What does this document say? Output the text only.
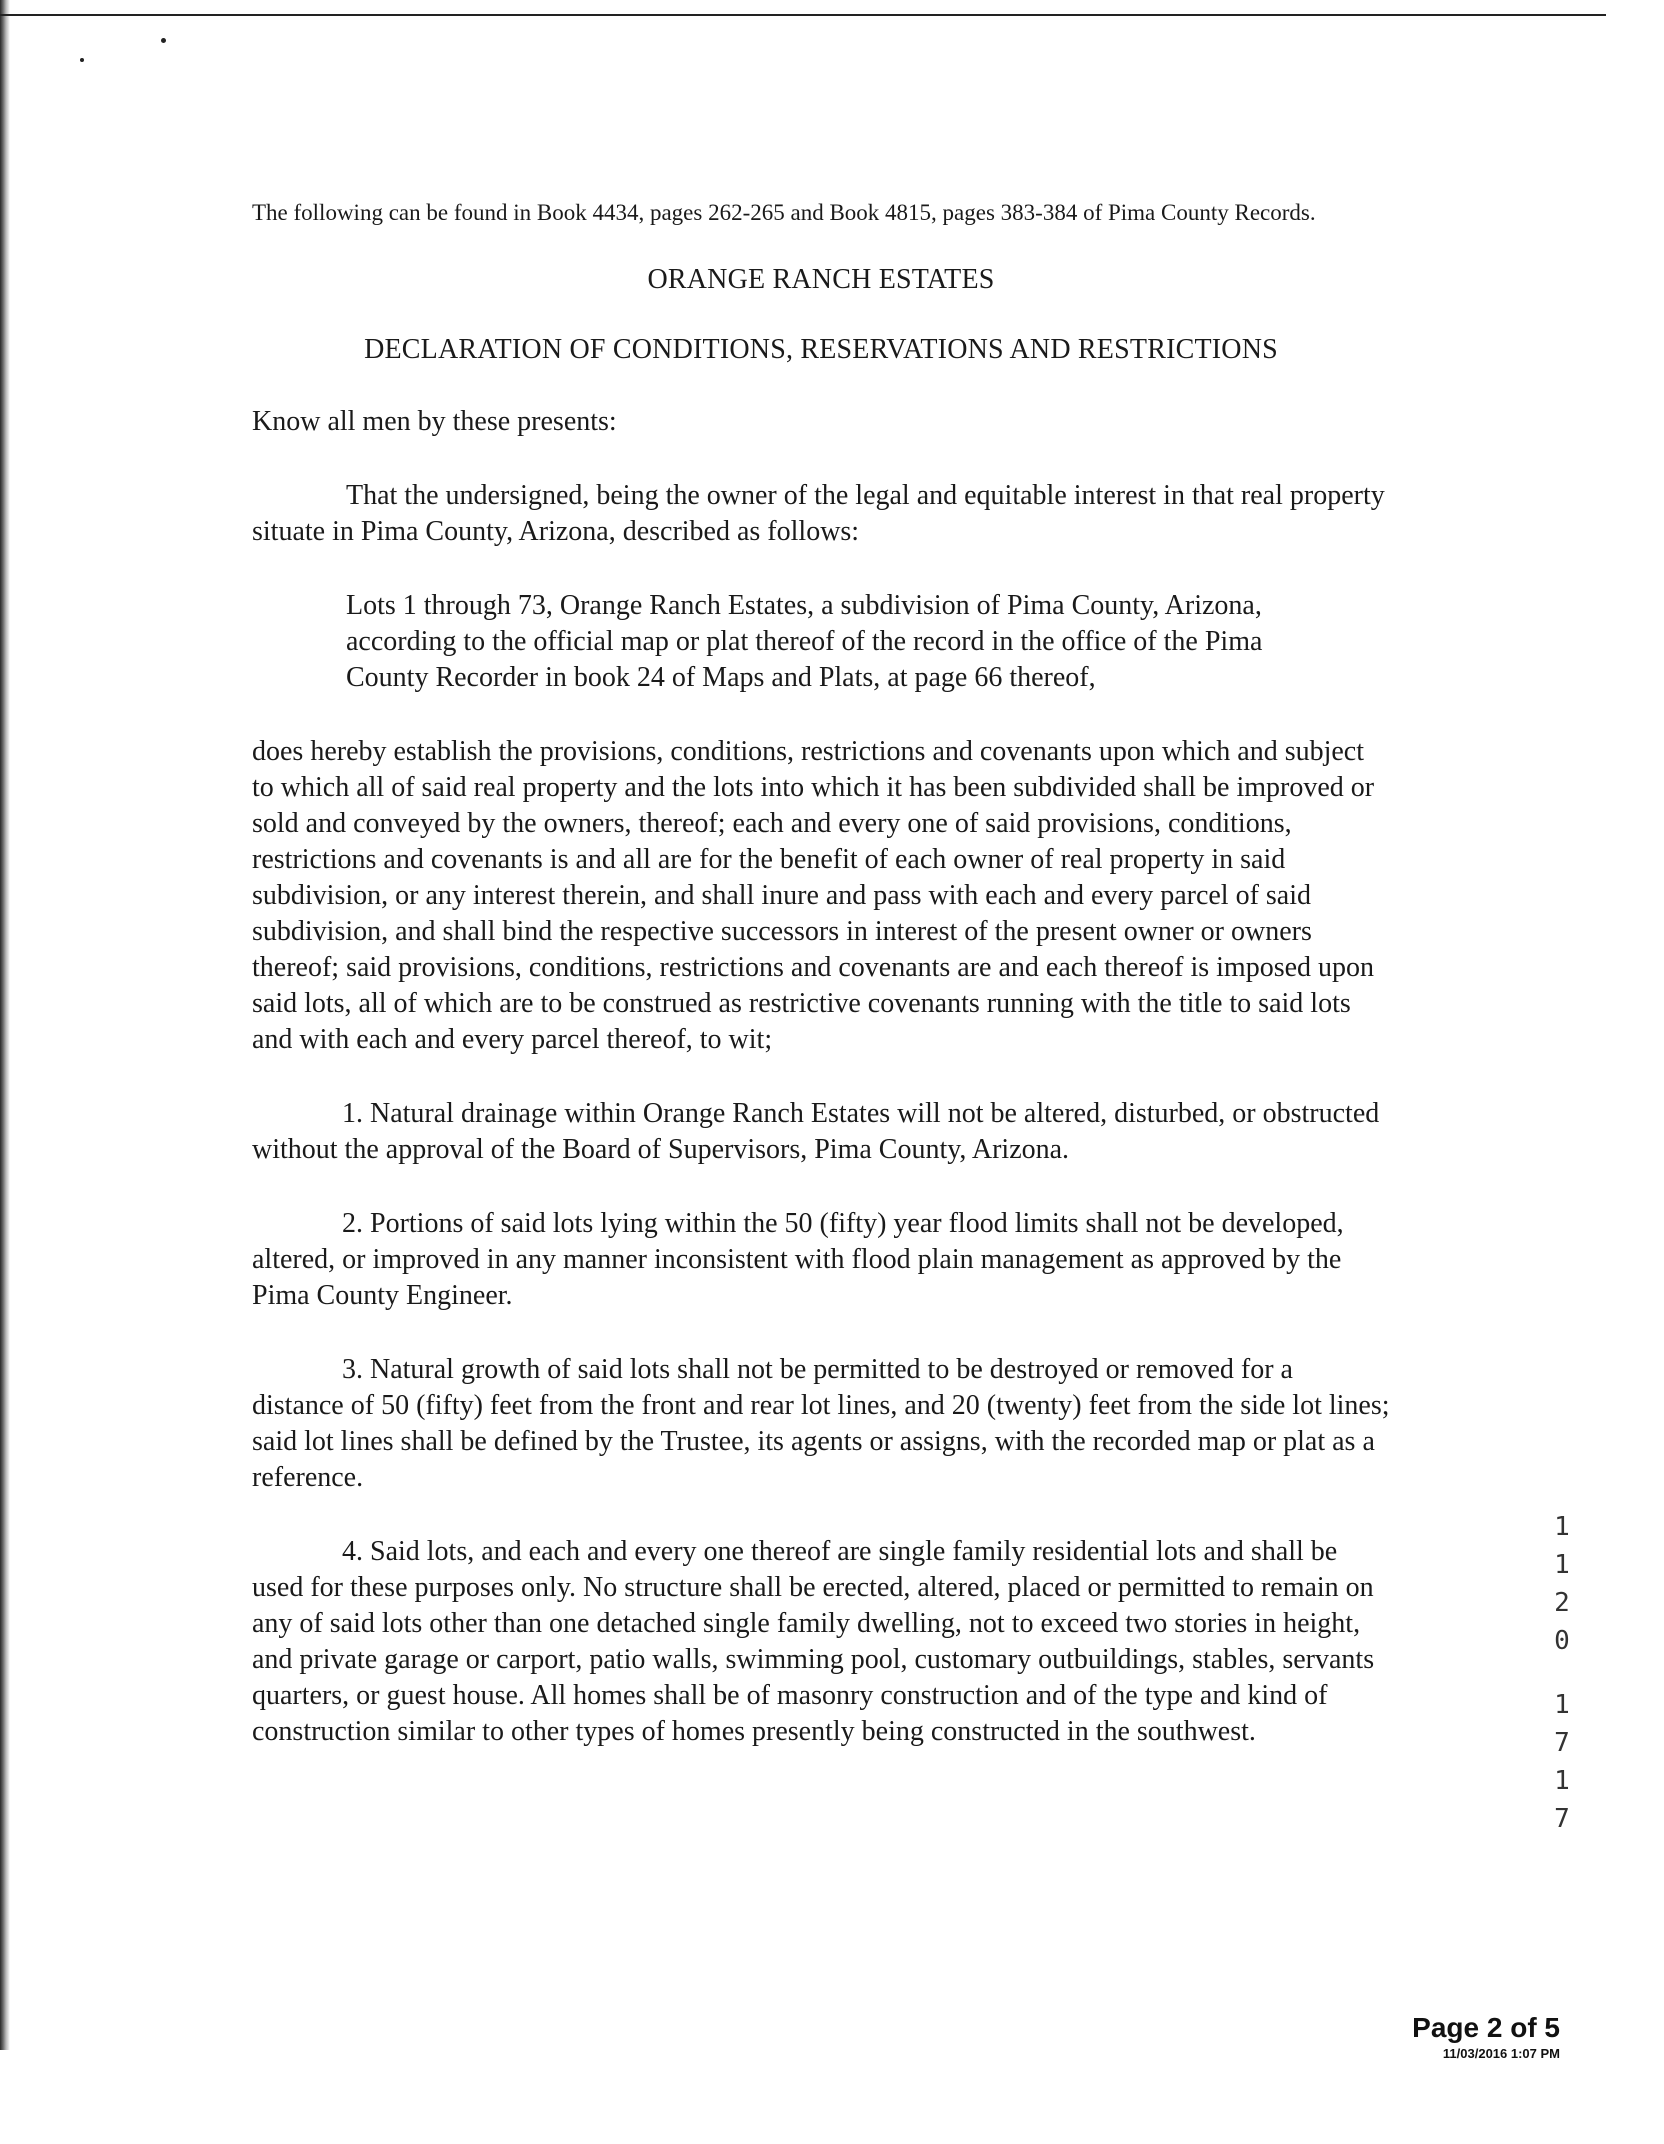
The following can be found in Book 4434, pages 262-265 and Book 4815, pages 383-384 of Pima County Records.

ORANGE RANCH ESTATES

DECLARATION OF CONDITIONS, RESERVATIONS AND RESTRICTIONS

Know all men by these presents:

That the undersigned, being the owner of the legal and equitable interest in that real property situate in Pima County, Arizona, described as follows:

Lots 1 through 73, Orange Ranch Estates, a subdivision of Pima County, Arizona, according to the official map or plat thereof of the record in the office of the Pima County Recorder in book 24 of Maps and Plats, at page 66 thereof,

does hereby establish the provisions, conditions, restrictions and covenants upon which and subject to which all of said real property and the lots into which it has been subdivided shall be improved or sold and conveyed by the owners, thereof; each and every one of said provisions, conditions, restrictions and covenants is and all are for the benefit of each owner of real property in said subdivision, or any interest therein, and shall inure and pass with each and every parcel of said subdivision, and shall bind the respective successors in interest of the present owner or owners thereof; said provisions, conditions, restrictions and covenants are and each thereof is imposed upon said lots, all of which are to be construed as restrictive covenants running with the title to said lots and with each and every parcel thereof, to wit;

1. Natural drainage within Orange Ranch Estates will not be altered, disturbed, or obstructed without the approval of the Board of Supervisors, Pima County, Arizona.

2. Portions of said lots lying within the 50 (fifty) year flood limits shall not be developed, altered, or improved in any manner inconsistent with flood plain management as approved by the Pima County Engineer.

3. Natural growth of said lots shall not be permitted to be destroyed or removed for a distance of 50 (fifty) feet from the front and rear lot lines, and 20 (twenty) feet from the side lot lines; said lot lines shall be defined by the Trustee, its agents or assigns, with the recorded map or plat as a reference.

4. Said lots, and each and every one thereof are single family residential lots and shall be used for these purposes only. No structure shall be erected, altered, placed or permitted to remain on any of said lots other than one detached single family dwelling, not to exceed two stories in height, and private garage or carport, patio walls, swimming pool, customary outbuildings, stables, servants quarters, or guest house. All homes shall be of masonry construction and of the type and kind of construction similar to other types of homes presently being constructed in the southwest.

1
1
2
0
1
7
1
7
Page 2 of 5
11/03/2016 1:07 PM
